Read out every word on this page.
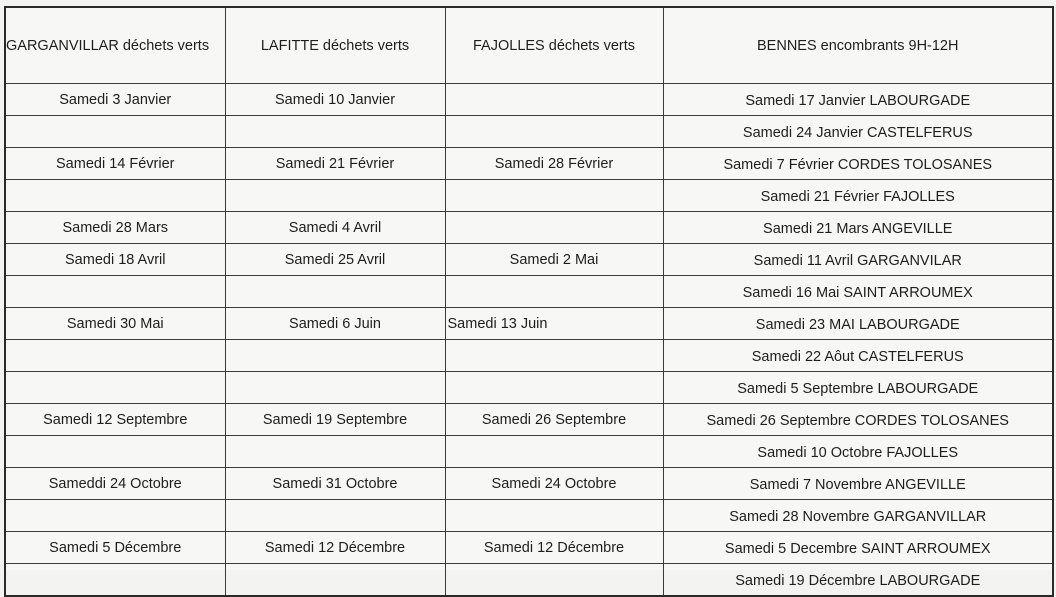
GARGANVILLAR déchets verts	LAFITTE déchets verts	FAJOLLES déchets verts	BENNES encombrants 9H-12H
Samedi 3 Janvier	Samedi 10 Janvier		Samedi 17 Janvier LABOURGADE
			Samedi 24 Janvier CASTELFERUS
Samedi 14 Février	Samedi 21 Février	Samedi 28 Février	Samedi 7 Février CORDES TOLOSANES
			Samedi 21 Février FAJOLLES
Samedi 28 Mars	Samedi 4 Avril		Samedi 21 Mars ANGEVILLE
Samedi 18 Avril	Samedi 25 Avril	Samedi 2 Mai	Samedi 11 Avril GARGANVILAR
			Samedi 16 Mai SAINT ARROUMEX
Samedi 30 Mai	Samedi 6 Juin	Samedi 13 Juin	Samedi 23 MAI LABOURGADE
			Samedi 22 Aôut CASTELFERUS
			Samedi 5 Septembre LABOURGADE
Samedi 12 Septembre	Samedi 19 Septembre	Samedi 26 Septembre	Samedi 26 Septembre CORDES TOLOSANES
			Samedi 10 Octobre FAJOLLES
Sameddi 24 Octobre	Samedi 31 Octobre	Samedi 24 Octobre	Samedi 7 Novembre ANGEVILLE
			Samedi 28 Novembre GARGANVILLAR
Samedi 5 Décembre	Samedi 12 Décembre	Samedi 12 Décembre	Samedi 5 Decembre SAINT ARROUMEX
			Samedi 19 Décembre LABOURGADE
